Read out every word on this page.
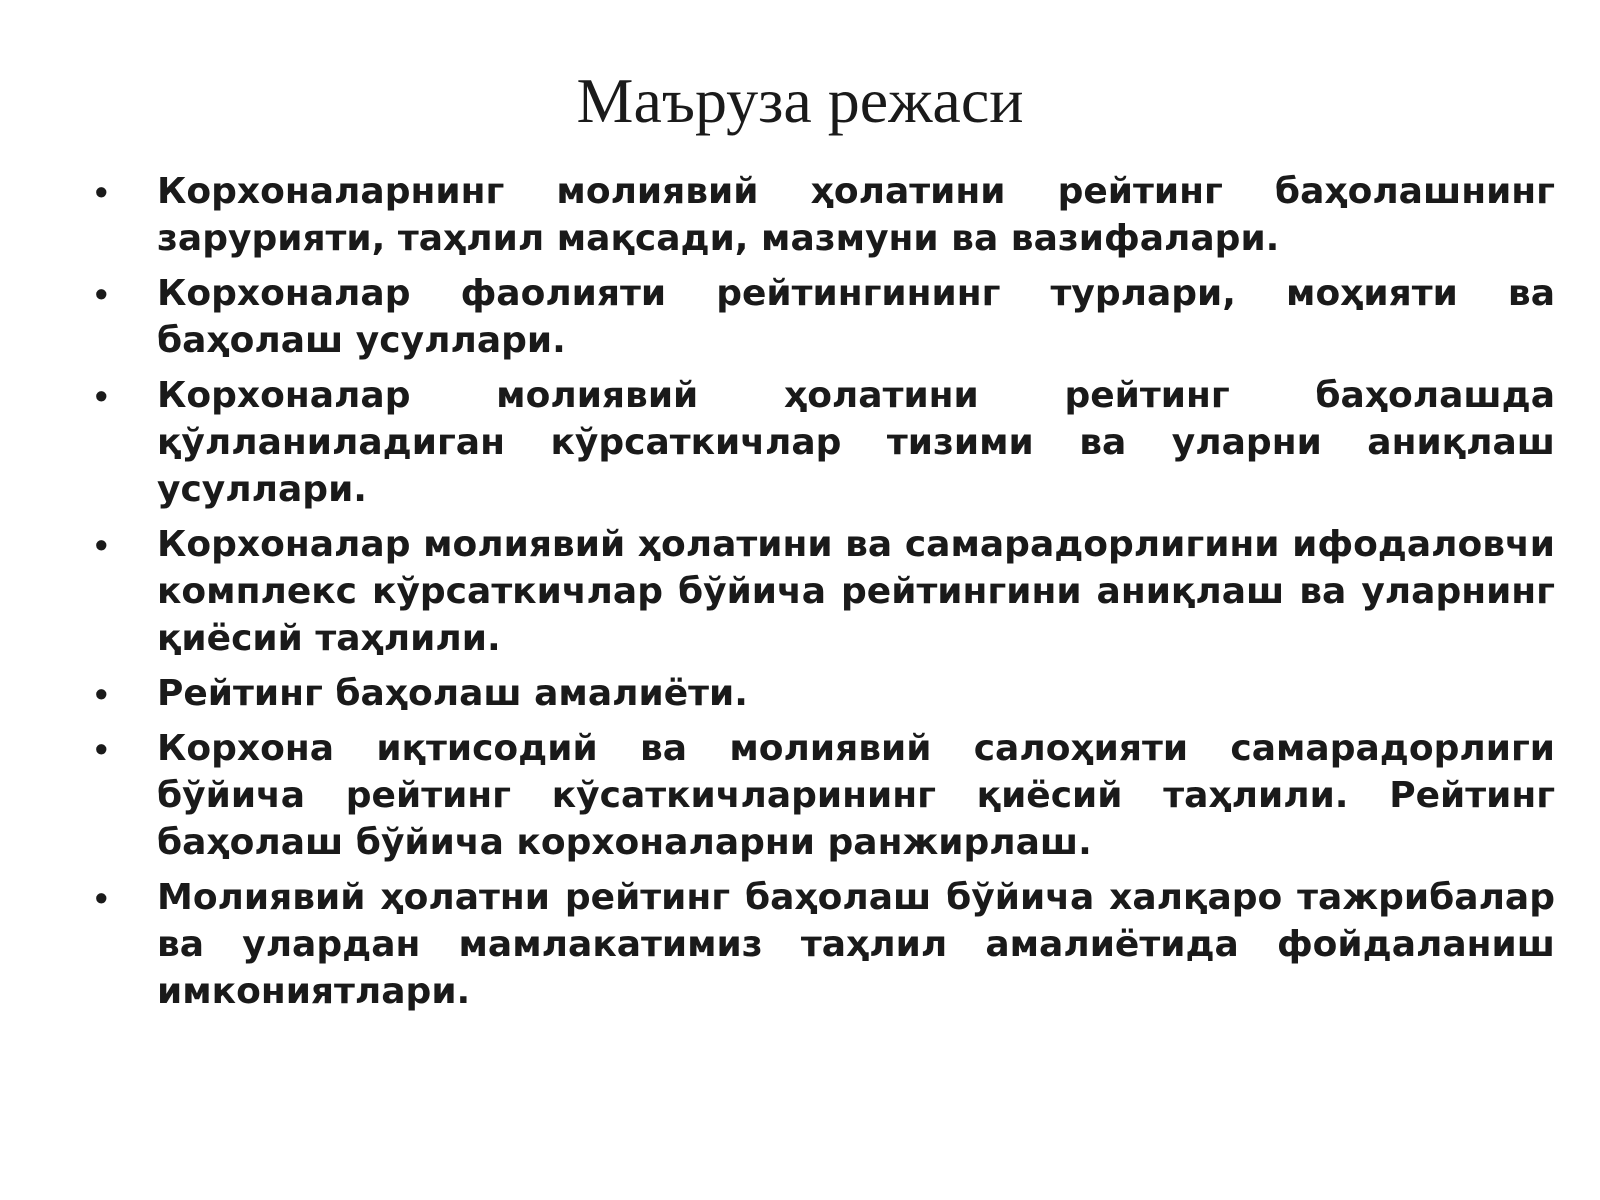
Маъруза режаси
•	Корхоналарнинг молиявий ҳолатини рейтинг баҳолашнинг зарурияти, таҳлил мақсади, мазмуни ва вазифалари.
•	Корхоналар фаолияти рейтингининг турлари, моҳияти ва баҳолаш усуллари.
•	Корхоналар молиявий ҳолатини рейтинг баҳолашда қўлланиладиган кўрсаткичлар тизими ва уларни аниқлаш усуллари.
•	Корхоналар молиявий ҳолатини ва самарадорлигини ифодаловчи комплекс кўрсаткичлар бўйича рейтингини аниқлаш ва уларнинг қиёсий таҳлили.
•	Рейтинг баҳолаш амалиёти.
•	Корхона иқтисодий ва молиявий салоҳияти самарадорлиги бўйича рейтинг кўсаткичларининг қиёсий таҳлили. Рейтинг баҳолаш бўйича корхоналарни ранжирлаш.
•	Молиявий ҳолатни рейтинг баҳолаш бўйича халқаро тажрибалар ва улардан мамлакатимиз таҳлил амалиётида фойдаланиш имкониятлари.
